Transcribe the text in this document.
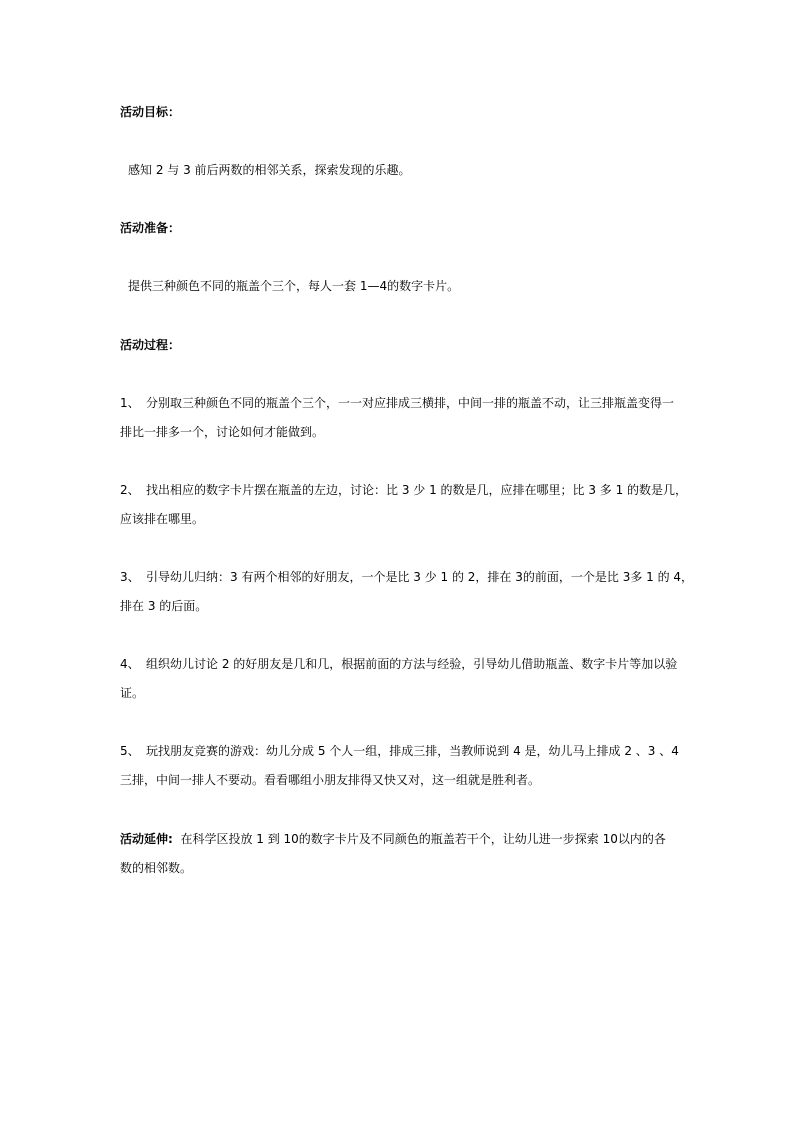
活动目标：
感知 2 与 3 前后两数的相邻关系，探索发现的乐趣。
活动准备：
提供三种颜色不同的瓶盖个三个，每人一套 1—4的数字卡片。
活动过程：
1、 分别取三种颜色不同的瓶盖个三个，一一对应排成三横排，中间一排的瓶盖不动，让三排瓶盖变得一
排比一排多一个，讨论如何才能做到。
2、 找出相应的数字卡片摆在瓶盖的左边，讨论：比 3 少 1 的数是几，应排在哪里；比 3 多 1 的数是几，
应该排在哪里。
3、 引导幼儿归纳：3 有两个相邻的好朋友，一个是比 3 少 1 的 2，排在 3的前面，一个是比 3多 1 的 4，
排在 3 的后面。
4、 组织幼儿讨论 2 的好朋友是几和几，根据前面的方法与经验，引导幼儿借助瓶盖、数字卡片等加以验
证。
5、 玩找朋友竞赛的游戏：幼儿分成 5 个人一组，排成三排，当教师说到 4 是，幼儿马上排成 2 、3 、4
三排，中间一排人不要动。看看哪组小朋友排得又快又对，这一组就是胜利者。
活动延伸: 在科学区投放 1 到 10的数字卡片及不同颜色的瓶盖若干个，让幼儿进一步探索 10以内的各
数的相邻数。
